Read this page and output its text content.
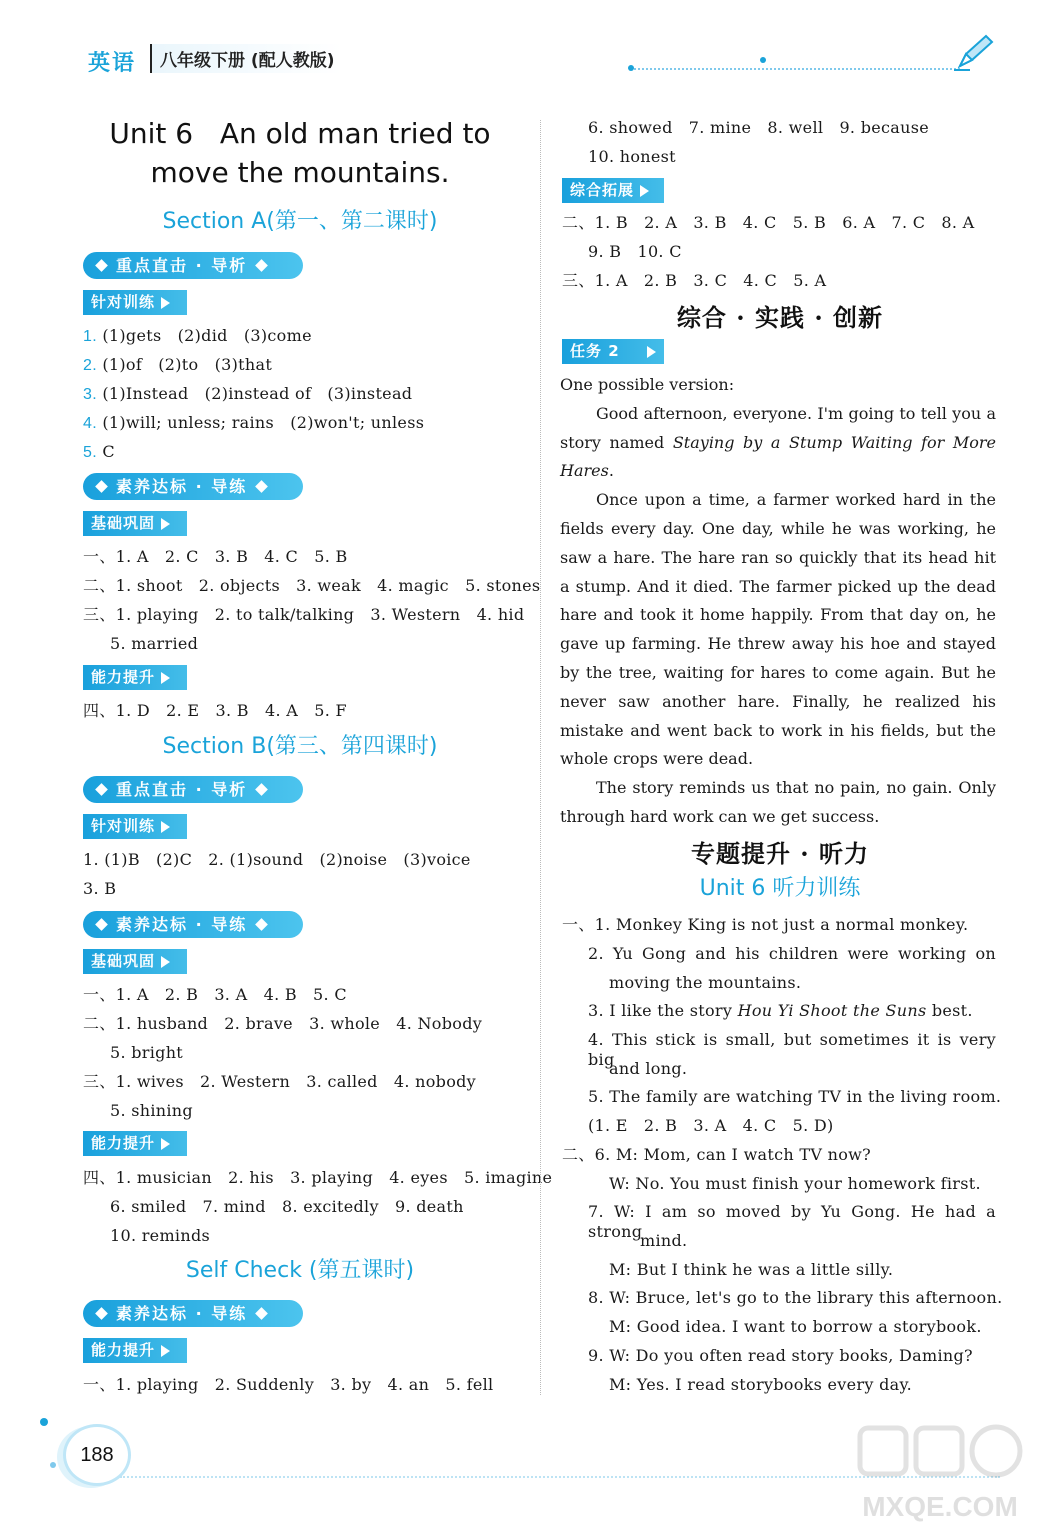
英语	八年级下册 (配人教版)
Unit 6   An old man tried to
move the mountains.
Section A(第一、第二课时)
重点直击 · 导析
针对训练
1. (1)gets   (2)did   (3)come
2. (1)of   (2)to   (3)that
3. (1)Instead   (2)instead of   (3)instead
4. (1)will; unless; rains   (2)won't; unless
5. C
素养达标 · 导练
基础巩固
一、1. A   2. C   3. B   4. C   5. B
二、1. shoot   2. objects   3. weak   4. magic   5. stones
三、1. playing   2. to talk/talking   3. Western   4. hid
5. married
能力提升
四、1. D   2. E   3. B   4. A   5. F
Section B(第三、第四课时)
重点直击 · 导析
针对训练
1. (1)B   (2)C   2. (1)sound   (2)noise   (3)voice
3. B
素养达标 · 导练
基础巩固
一、1. A   2. B   3. A   4. B   5. C
二、1. husband   2. brave   3. whole   4. Nobody
5. bright
三、1. wives   2. Western   3. called   4. nobody
5. shining
能力提升
四、1. musician   2. his   3. playing   4. eyes   5. imagine
6. smiled   7. mind   8. excitedly   9. death
10. reminds
Self Check (第五课时)
素养达标 · 导练
能力提升
一、1. playing   2. Suddenly   3. by   4. an   5. fell
6. showed   7. mine   8. well   9. because
10. honest
综合拓展
二、1. B   2. A   3. B   4. C   5. B   6. A   7. C   8. A
9. B   10. C
三、1. A   2. B   3. C   4. C   5. A
综合 · 实践 · 创新
任务 2

One possible version:

Good afternoon, everyone. I'm going to tell you a story named Staying by a Stump Waiting for More Hares.

Once upon a time, a farmer worked hard in the fields every day. One day, while he was working, he saw a hare. The hare ran so quickly that its head hit a stump. And it died. The farmer picked up the dead hare and took it home happily. From that day on, he gave up farming. He threw away his hoe and stayed by the tree, waiting for hares to come again. But he never saw another hare. Finally, he realized his mistake and went back to work in his fields, but the whole crops were dead.

The story reminds us that no pain, no gain. Only through hard work can we get success.

专题提升 · 听力
Unit 6 听力训练
一、1. Monkey King is not just a normal monkey.
2. Yu Gong and his children were working on
moving the mountains.
3. I like the story Hou Yi Shoot the Suns best.
4. This stick is small, but sometimes it is very big
and long.
5. The family are watching TV in the living room.
(1. E   2. B   3. A   4. C   5. D)
二、6. M: Mom, can I watch TV now?
W: No. You must finish your homework first.
7. W: I am so moved by Yu Gong. He had a strong
mind.
M: But I think he was a little silly.
8. W: Bruce, let's go to the library this afternoon.
M: Good idea. I want to borrow a storybook.
9. W: Do you often read story books, Daming?
M: Yes. I read storybooks every day.
188
MXQE.COM
